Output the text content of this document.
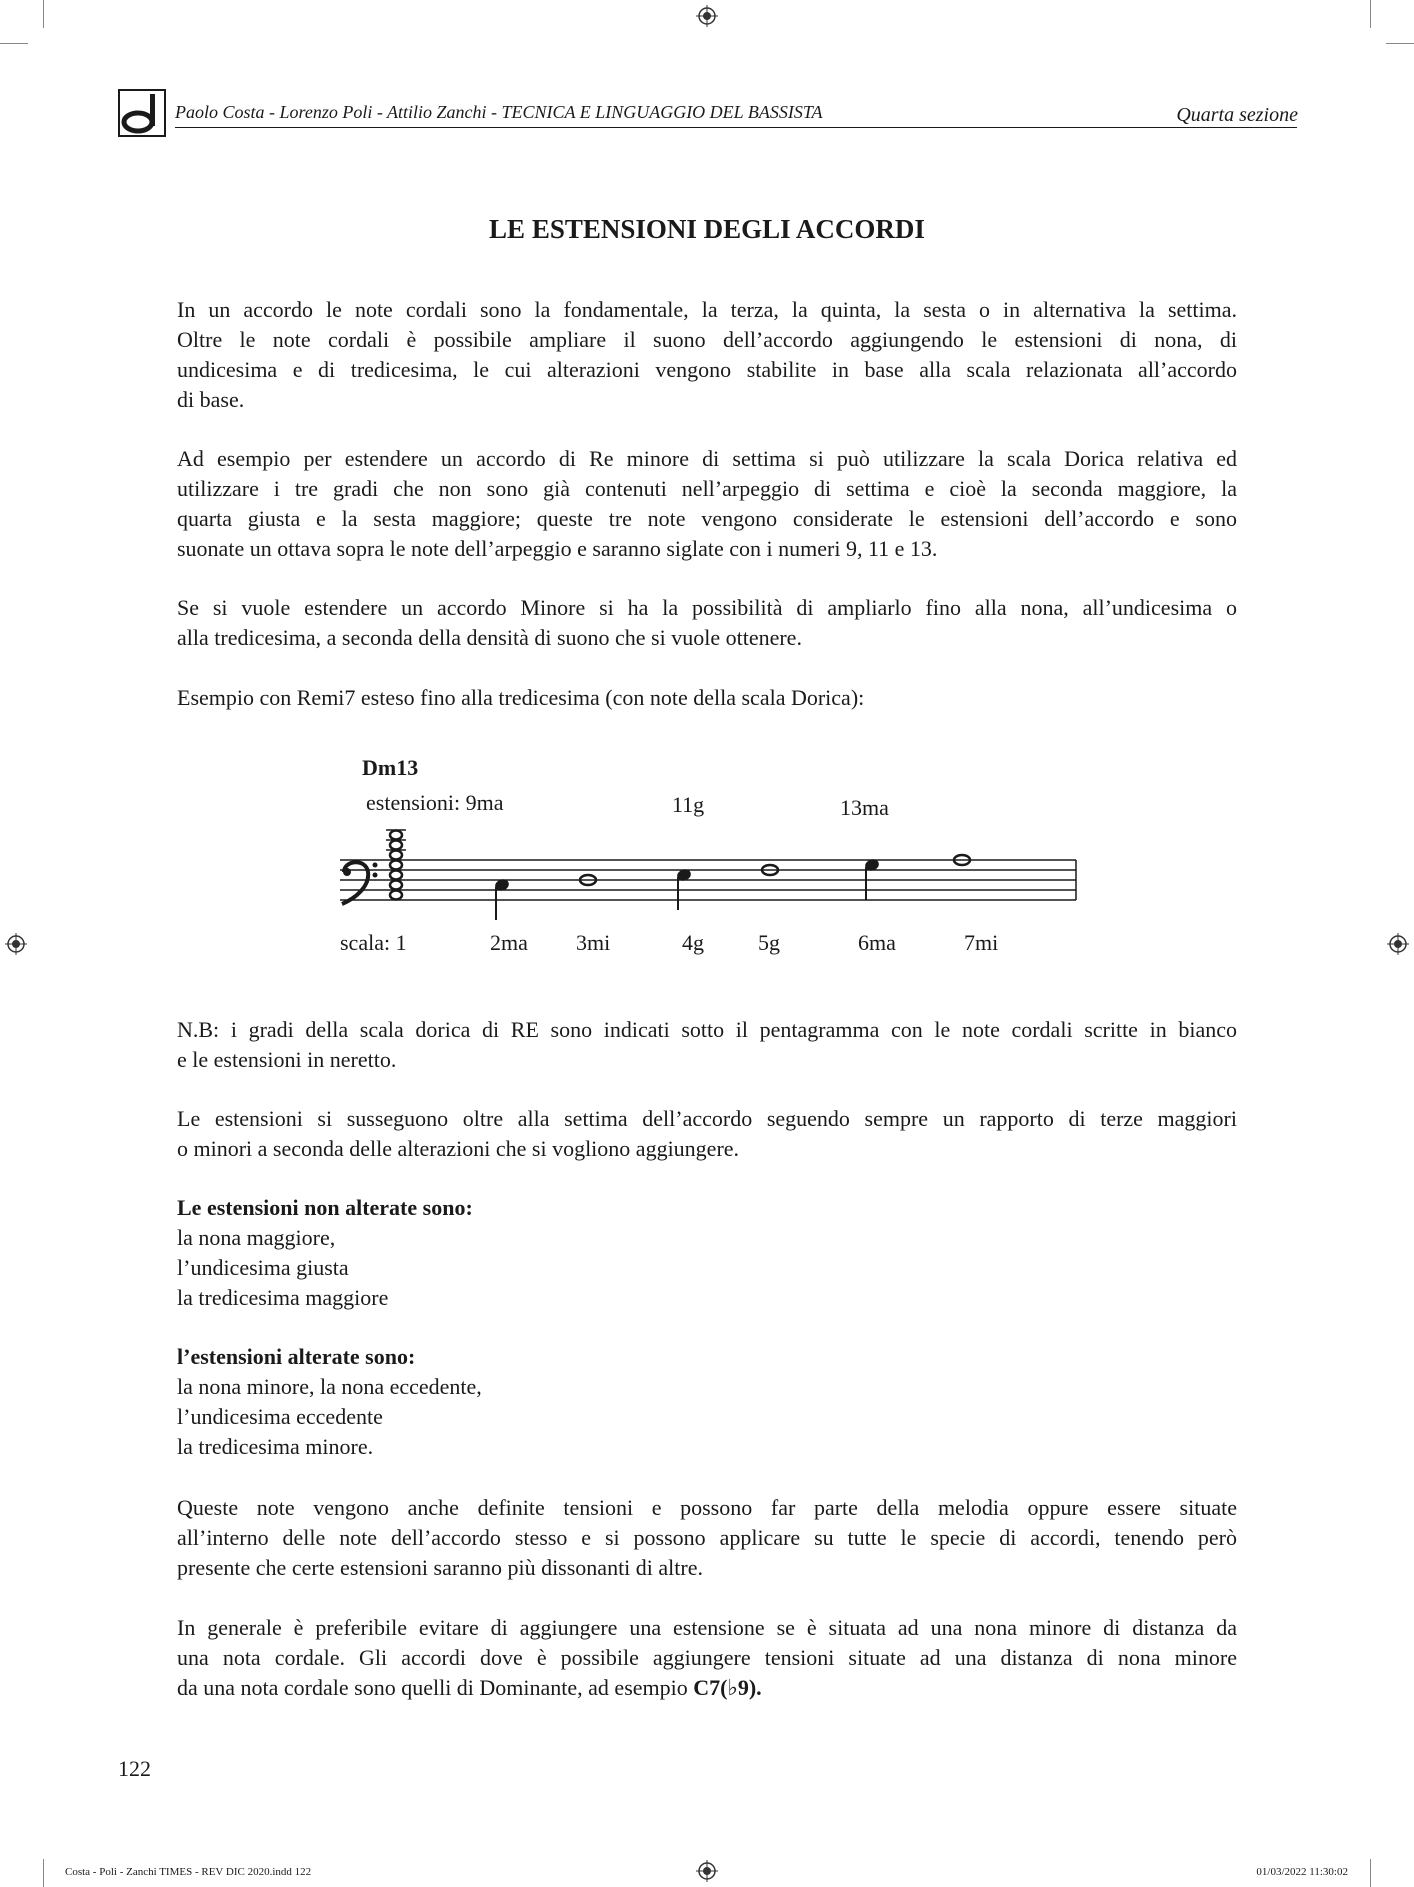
Paolo Costa - Lorenzo Poli - Attilio Zanchi - TECNICA E LINGUAGGIO DEL BASSISTA	Quarta sezione
LE ESTENSIONI DEGLI ACCORDI

In un accordo le note cordali sono la fondamentale, la terza, la quinta, la sesta o in alternativa la settima.
Oltre le note cordali è possibile ampliare il suono dell’accordo aggiungendo le estensioni di nona, di
undicesima e di tredicesima, le cui alterazioni vengono stabilite in base alla scala relazionata all’accordo
di base.

Ad esempio per estendere un accordo di Re minore di settima si può utilizzare la scala Dorica relativa ed
utilizzare i tre gradi che non sono già contenuti nell’arpeggio di settima e cioè la seconda maggiore, la
quarta giusta e la sesta maggiore; queste tre note vengono considerate le estensioni dell’accordo e sono
suonate un ottava sopra le note dell’arpeggio e saranno siglate con i numeri 9, 11 e 13.

Se si vuole estendere un accordo Minore si ha la possibilità di ampliarlo fino alla nona, all’undicesima o
alla tredicesima, a seconda della densità di suono che si vuole ottenere.

Esempio con Remi7 esteso fino alla tredicesima (con note della scala Dorica):

Dm13
estensioni: 9ma	11g	13ma
scala: 1	2ma 3mi	4g 5g	6ma	7mi

N.B: i gradi della scala dorica di RE sono indicati sotto il pentagramma con le note cordali scritte in bianco
e le estensioni in neretto.

Le estensioni si susseguono oltre alla settima dell’accordo seguendo sempre un rapporto di terze maggiori
o minori a seconda delle alterazioni che si vogliono aggiungere.

Le estensioni non alterate sono:
la nona maggiore,
l’undicesima giusta
la tredicesima maggiore

l’estensioni alterate sono:
la nona minore, la nona eccedente,
l’undicesima eccedente
la tredicesima minore.

Queste note vengono anche definite tensioni e possono far parte della melodia oppure essere situate
all’interno delle note dell’accordo stesso e si possono applicare su tutte le specie di accordi, tenendo però
presente che certe estensioni saranno più dissonanti di altre.

In generale è preferibile evitare di aggiungere una estensione se è situata ad una nona minore di distanza da
una nota cordale. Gli accordi dove è possibile aggiungere tensioni situate ad una distanza di nona minore
da una nota cordale sono quelli di Dominante, ad esempio C7(♭9).

122
Costa - Poli - Zanchi TIMES - REV DIC 2020.indd 122	01/03/2022 11:30:02
